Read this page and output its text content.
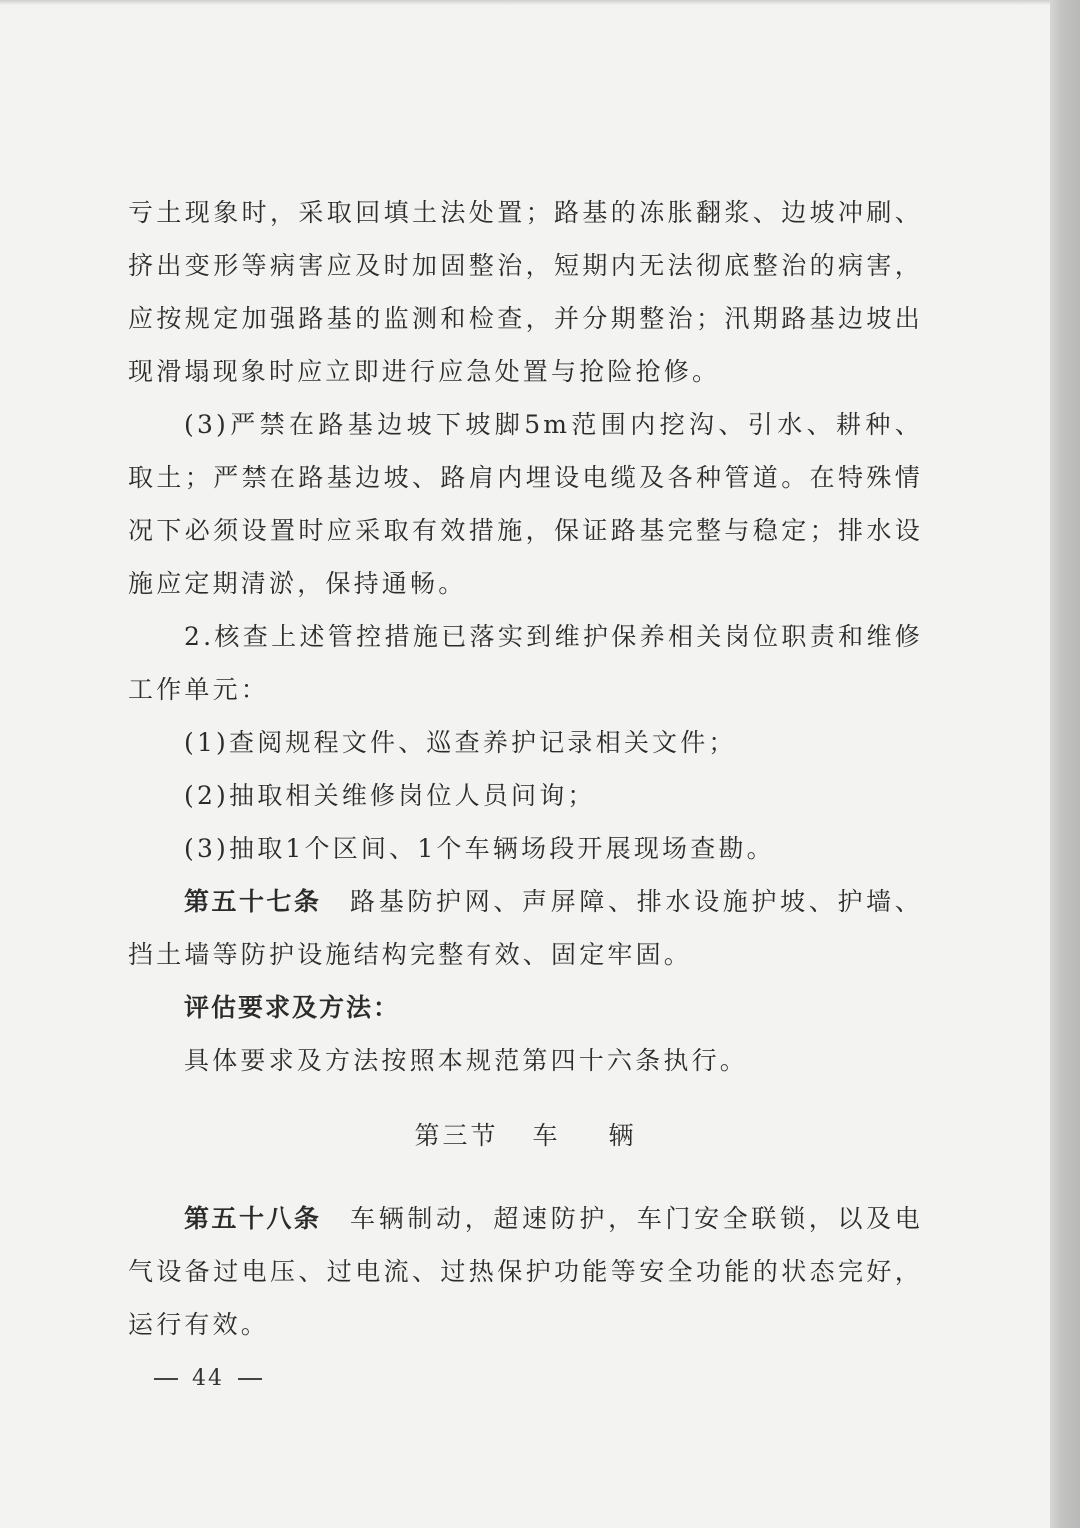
亏土现象时，采取回填土法处置；路基的冻胀翻浆、边坡冲刷、挤出变形等病害应及时加固整治，短期内无法彻底整治的病害，应按规定加强路基的监测和检查，并分期整治；汛期路基边坡出现滑塌现象时应立即进行应急处置与抢险抢修。

(3)严禁在路基边坡下坡脚5m范围内挖沟、引水、耕种、取土；严禁在路基边坡、路肩内埋设电缆及各种管道。在特殊情况下必须设置时应采取有效措施，保证路基完整与稳定；排水设施应定期清淤，保持通畅。

2.核查上述管控措施已落实到维护保养相关岗位职责和维修工作单元：

(1)查阅规程文件、巡查养护记录相关文件；

(2)抽取相关维修岗位人员问询；

(3)抽取1个区间、1个车辆场段开展现场查勘。

第五十七条　路基防护网、声屏障、排水设施护坡、护墙、挡土墙等防护设施结构完整有效、固定牢固。

评估要求及方法：

具体要求及方法按照本规范第四十六条执行。

第三节 车 辆

第五十八条　车辆制动，超速防护，车门安全联锁，以及电气设备过电压、过电流、过热保护功能等安全功能的状态完好，运行有效。

44
